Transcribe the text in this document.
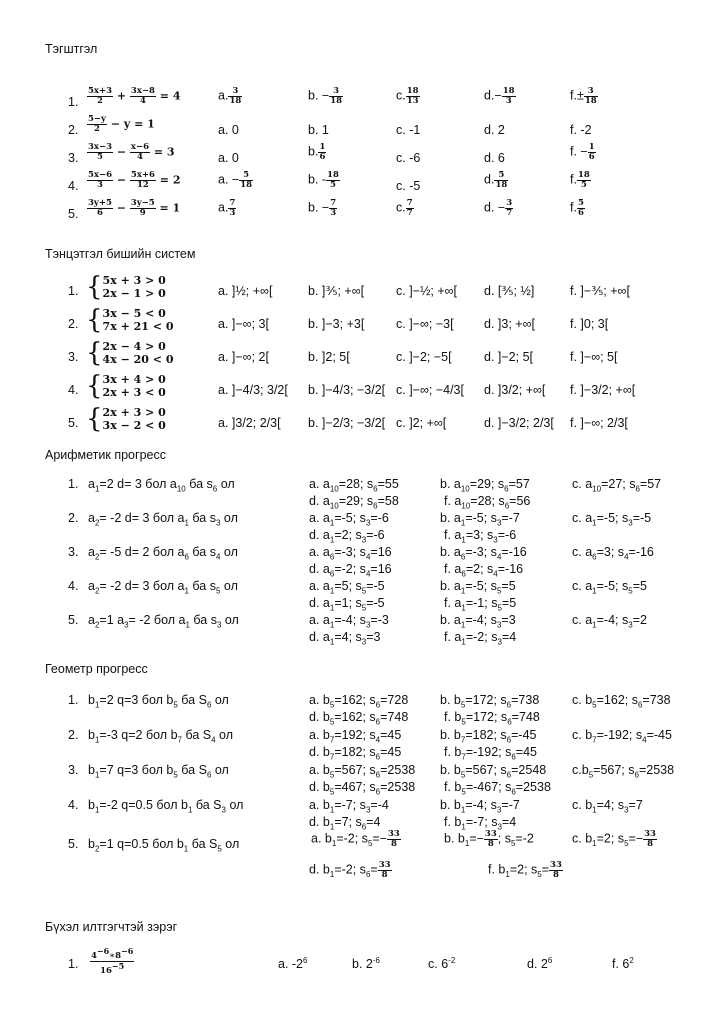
Тэгштгэл
1. $\frac{5x+3}{2} + \frac{3x-8}{4} = 4$	a. $\frac{3}{18}$	b. − $\frac{3}{18}$	c. $\frac{18}{13}$	$d.- \frac{18}{3}$	$f.\pm \frac{3}{18}$
2. $\frac{5-y}{2} - y = 1$	a. 0	b. 1	c. -1	d. 2	f. -2
3. $\frac{3x-3}{5} - \frac{x-6}{4} = 3$	a. 0	b. $\frac{1}{6}$	c. -6	d. 6	f. − $\frac{1}{6}$
4. $\frac{5x-6}{3} - \frac{5x+6}{12} = 2$	a. − $\frac{5}{18}$	b. - $\frac{18}{5}$	c. -5	d. $\frac{5}{18}$	f. $\frac{18}{5}$
5. $\frac{3y+5}{6} - \frac{3y-5}{9} = 1$	a. $\frac{7}{3}$	b. − $\frac{7}{3}$	c. $\frac{7}{7}$	d. − $\frac{3}{7}$	f. $\frac{5}{6}$
Тэнцэтгэл бишийн систем
1. {5x + 3 > 0
2x − 1 > 0	a. ]½; +∞[	b. ]⅗; +∞[	c. ]−½; +∞[ d. [⅗; ½]	f. ]−⅗; +∞[
2. {3x − 5 < 0
7x + 21 < 0	a. ]−∞; 3[	b. ]−3; +3[	c. ]−∞; −3[ d. ]3; +∞[	f. ]0; 3[
3. {2x − 4 > 0
4x − 20 < 0	a. ]−∞; 2[	b. ]2; 5[	c. ]−2; −5[	d. ]−2; 5[	f. ]−∞; 5[
4. {3x + 4 > 0
2x + 3 < 0	a. ]−4/3; 3/2[ b. ]−4/3; −3/2[ c. ]−∞; −4/3[ d. ]3/2; +∞[ f. ]−3/2; +∞[
5. {2x + 3 > 0
3x − 2 < 0	a. ]3/2; 2/3[ b. ]−2/3; −3/2[ c. ]2; +∞[	d. ]−3/2; 2/3[ f. ]−∞; 2/3[
Арифметик прогресс
1. $a_1=2$ d= 3 бол $a_{10}$ ба $s_6$ ол	a. $a_{10}=28$; $s_6=55$	b. $a_{10}=29$; $s_6=57$	c. $a_{10}=27$; $s_6=57$
d. $a_{10}=29$; $s_6=58$	f. $a_{10}=28$; $s_6=56$
2. $a_2= -2$ d= 3 бол $a_1$ ба $s_3$ ол	a. $a_1=-5$; $s_3=-6$	b. $a_1=-5$; $s_3=-7$	c. $a_1=-5$; $s_3=-5$
d. $a_1=2$; $s_3=-6$	f. $a_1=3$; $s_3=-6$
3. $a_2= -5$ d= 2 бол $a_6$ ба $s_4$ ол	a. $a_6=-3$; $s_4=16$	b. $a_6=-3$; $s_4=-16$	c. $a_6=3$; $s_4=-16$
d. $a_6=-2$; $s_4=16$	f. $a_6=2$; $s_4=-16$
4. $a_2= -2$ d= 3 бол $a_1$ ба $s_5$ ол	a. $a_1=5$; $s_5=-5$	b. $a_1=-5$; $s_5=5$	c. $a_1=-5$; $s_5=5$
d. $a_1=1$; $s_5=-5$	f. $a_1=-1$; $s_5=5$
5. $a_2=1$ $a_3= -2$ бол $a_1$ ба $s_3$ ол	a. $a_1=-4$; $s_3=-3$	b. $a_1=-4$; $s_3=3$	c. $a_1=-4$; $s_3=2$
d. $a_1=4$; $s_3=3$	f. $a_1=-2$; $s_3=4$
Геометр прогресс
1. $b_1=2$ q=3 бол $b_5$ ба $S_6$ ол	a. $b_5=162$; $s_6=728$	b. $b_5=172$; $s_6=738$	c. $b_5=162$; $s_6=738$
d. $b_5=162$; $s_6=748$	f. $b_5=172$; $s_6=748$
2. $b_1=-3$ q=2 бол $b_7$ ба $S_4$ ол	a. $b_7=192$; $s_4=45$	b. $b_7=182$; $s_6=-45$	c. $b_7=-192$; $s_4=-45$
d. $b_7=182$; $s_6=45$	f. $b_7=-192$; $s_6=45$
3. $b_1=7$ q=3 бол $b_5$ ба $S_6$ ол	a. $b_5=567$; $s_6=2538$ b. $b_5=567$; $s_6=2548$ $c.b_5=567$; $s_6=2538$
d. $b_5=467$; $s_6=2538$ f. $b_5=-467$; $s_6=2538$
4. $b_1=-2$ q=0.5 бол $b_1$ ба $S_3$ ол	a. $b_1=-7$; $s_3=-4$	b. $b_1=-4$; $s_3=-7$	c. $b_1=4$; $s_3=7$
d. $b_1=7$; $s_6=4$	f. $b_1=-7$; $s_3=4$
5. $b_2=1$ q=0.5 бол $b_1$ ба $S_5$ ол	a. $b_1=-2$; $s_5=- \frac{33}{8}$	b. $b_1=- \frac{33}{8}$ ; $s_5=-2$	c. $b_1=2$; $s_5=- \frac{33}{8}$
d. $b_1=-2$; $s_6= \frac{33}{8}$	f. $b_1=2$; $s_5= \frac{33}{8}$
Бүхэл илтгэгчтэй зэрэг
1. $\frac{4^{-6}∗8^{-6}}{16^{-5}}$	a. $-2^6$	b. $2^{-6}$	c. $6^{-2}$	d. $2^6$	f. $6^2$
